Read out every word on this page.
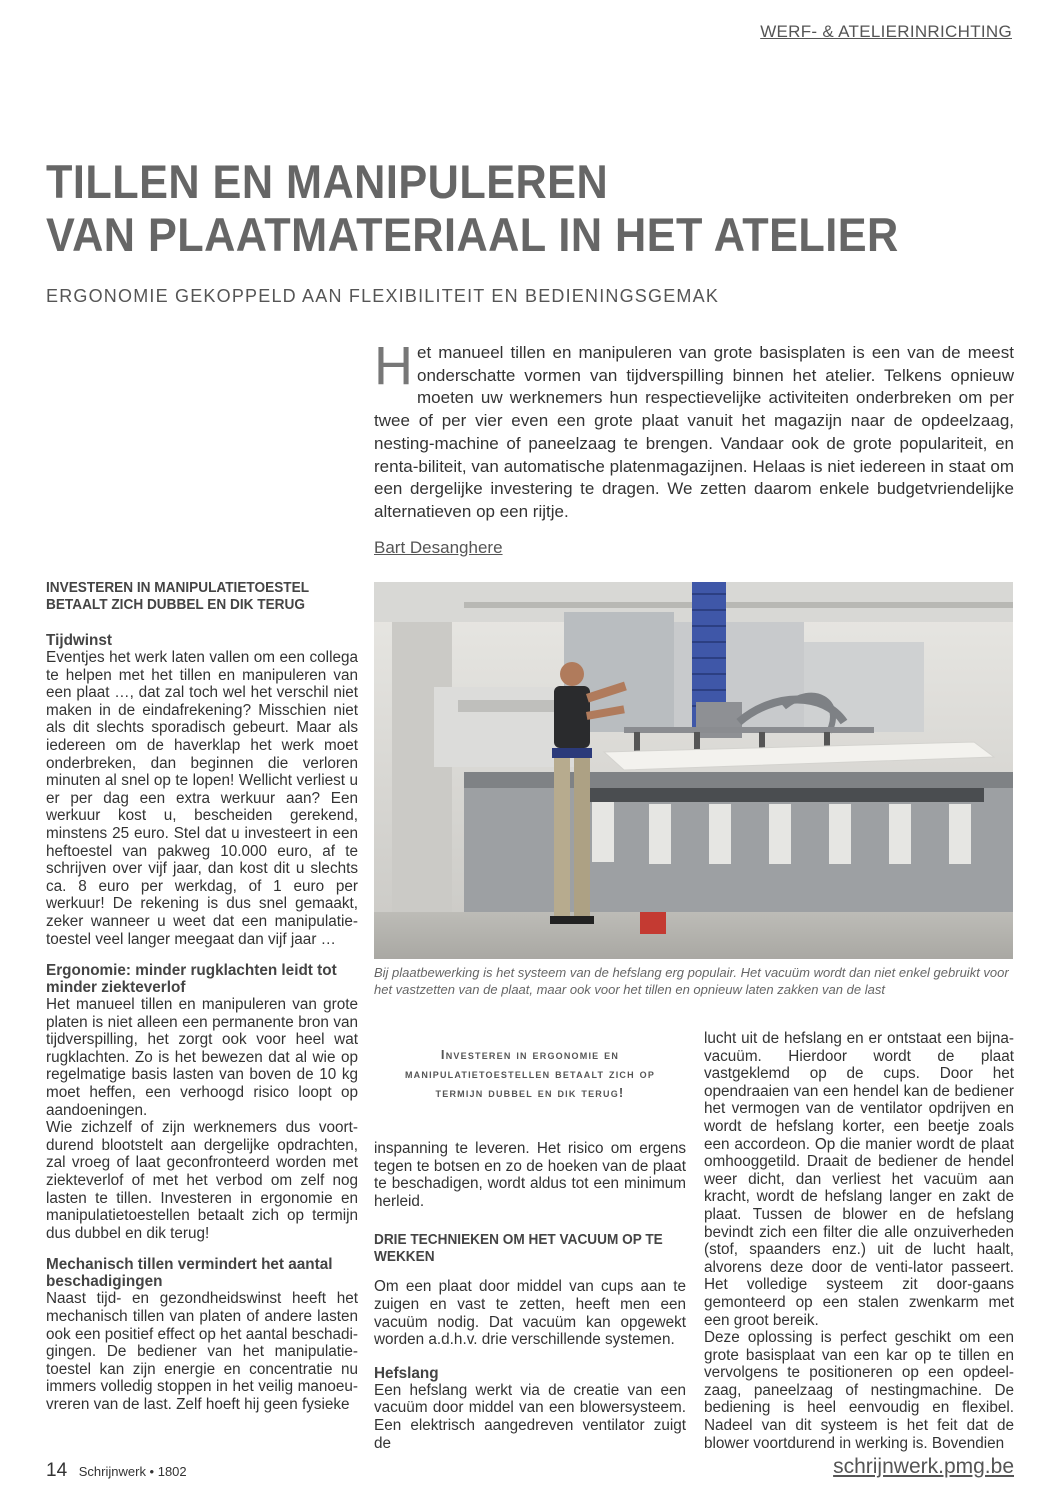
WERF- & ATELIERINRICHTING
TILLEN EN MANIPULEREN
VAN PLAATMATERIAAL IN HET ATELIER
ERGONOMIE GEKOPPELD AAN FLEXIBILITEIT EN BEDIENINGSGEMAK
H et manueel tillen en manipuleren van grote basisplaten is een van de meest onderschatte vormen van tijdverspilling binnen het atelier. Telkens opnieuw moeten uw werknemers hun respectievelijke activiteiten onderbreken om per twee of per vier even een grote plaat vanuit het magazijn naar de opdeelzaag, nesting-machine of paneelzaag te brengen. Vandaar ook de grote populariteit, en renta-biliteit, van automatische platenmagazijnen. Helaas is niet iedereen in staat om een dergelijke investering te dragen. We zetten daarom enkele budgetvriendelijke alternatieven op een rijtje.
Bart Desanghere
INVESTEREN IN MANIPULATIETOESTEL BETAALT ZICH DUBBEL EN DIK TERUG
Tijdwinst

Eventjes het werk laten vallen om een collega te helpen met het tillen en manipuleren van een plaat …, dat zal toch wel het verschil niet maken in de eindafrekening? Misschien niet als dit slechts sporadisch gebeurt. Maar als iedereen om de haverklap het werk moet onderbreken, dan beginnen die verloren minuten al snel op te lopen! Wellicht verliest u er per dag een extra werkuur aan? Een werkuur kost u, bescheiden gerekend, minstens 25 euro. Stel dat u investeert in een heftoestel van pakweg 10.000 euro, af te schrijven over vijf jaar, dan kost dit u slechts ca. 8 euro per werkdag, of 1 euro per werkuur! De rekening is dus snel gemaakt, zeker wanneer u weet dat een manipulatie-toestel veel langer meegaat dan vijf jaar …

Ergonomie: minder rugklachten leidt tot minder ziekteverlof

Het manueel tillen en manipuleren van grote platen is niet alleen een permanente bron van tijdverspilling, het zorgt ook voor heel wat rugklachten. Zo is het bewezen dat al wie op regelmatige basis lasten van boven de 10 kg moet heffen, een verhoogd risico loopt op aandoeningen.

Wie zichzelf of zijn werknemers dus voort-durend blootstelt aan dergelijke opdrachten, zal vroeg of laat geconfronteerd worden met ziekteverlof of met het verbod om zelf nog lasten te tillen. Investeren in ergonomie en manipulatietoestellen betaalt zich op termijn dus dubbel en dik terug!

Mechanisch tillen vermindert het aantal beschadigingen

Naast tijd- en gezondheidswinst heeft het mechanisch tillen van platen of andere lasten ook een positief effect op het aantal beschadi-gingen. De bediener van het manipulatie-toestel kan zijn energie en concentratie nu immers volledig stoppen in het veilig manoeu-vreren van de last. Zelf hoeft hij geen fysieke

Bij plaatbewerking is het systeem van de hefslang erg populair. Het vacuüm wordt dan niet enkel gebruikt voor het vastzetten van de plaat, maar ook voor het tillen en opnieuw laten zakken van de last
Investeren in ergonomie en manipulatietoestellen betaalt zich op termijn dubbel en dik terug!

inspanning te leveren. Het risico om ergens tegen te botsen en zo de hoeken van de plaat te beschadigen, wordt aldus tot een minimum herleid.

DRIE TECHNIEKEN OM HET VACUUM OP TE WEKKEN

Om een plaat door middel van cups aan te zuigen en vast te zetten, heeft men een vacuüm nodig. Dat vacuüm kan opgewekt worden a.d.h.v. drie verschillende systemen.

Hefslang

Een hefslang werkt via de creatie van een vacuüm door middel van een blowersysteem. Een elektrisch aangedreven ventilator zuigt de

lucht uit de hefslang en er ontstaat een bijna-vacuüm. Hierdoor wordt de plaat vastgeklemd op de cups. Door het opendraaien van een hendel kan de bediener het vermogen van de ventilator opdrijven en wordt de hefslang korter, een beetje zoals een accordeon. Op die manier wordt de plaat omhooggetild. Draait de bediener de hendel weer dicht, dan verliest het vacuüm aan kracht, wordt de hefslang langer en zakt de plaat. Tussen de blower en de hefslang bevindt zich een filter die alle onzuiverheden (stof, spaanders enz.) uit de lucht haalt, alvorens deze door de venti-lator passeert. Het volledige systeem zit door-gaans gemonteerd op een stalen zwenkarm met een groot bereik.

Deze oplossing is perfect geschikt om een grote basisplaat van een kar op te tillen en vervolgens te positioneren op een opdeel-zaag, paneelzaag of nestingmachine. De bediening is heel eenvoudig en flexibel. Nadeel van dit systeem is het feit dat de blower voortdurend in werking is. Bovendien

14 Schrijnwerk • 1802	schrijnwerk.pmg.be
